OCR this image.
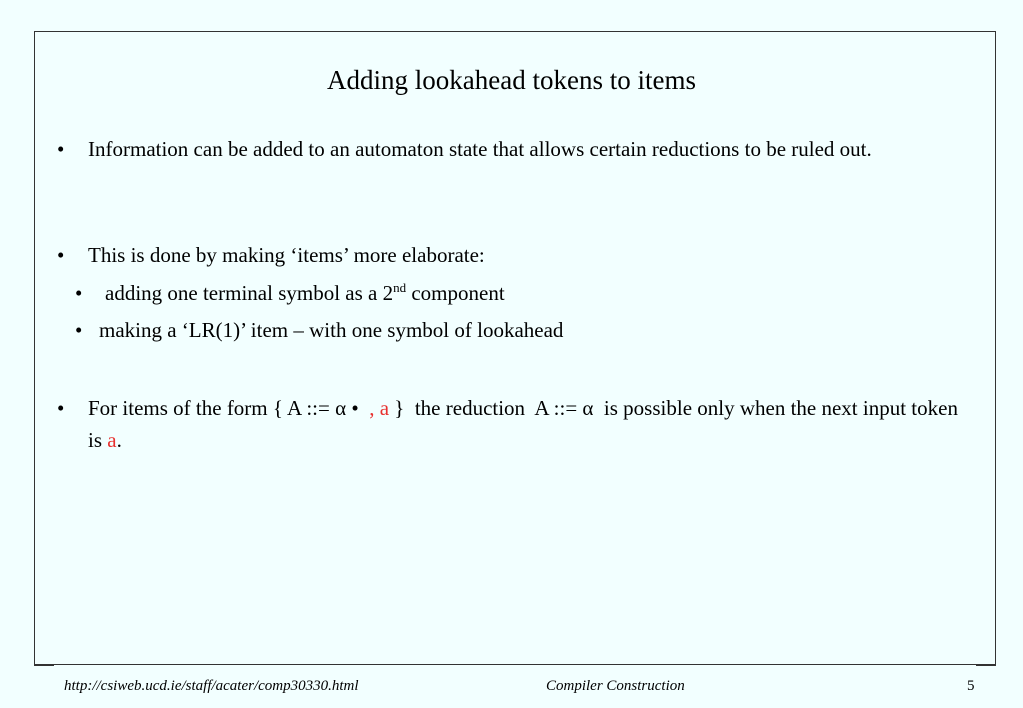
Adding lookahead tokens to items
• Information can be added to an automaton state that allows certain reductions to be ruled out.
• This is done by making ‘items’ more elaborate:
• adding one terminal symbol as a 2nd component
• making a ‘LR(1)’ item – with one symbol of lookahead
• For items of the form { A ::= α •  , a }  the reduction  A ::= α  is possible only when the next input token is a.
http://csiweb.ucd.ie/staff/acater/comp30330.html	Compiler Construction	5
